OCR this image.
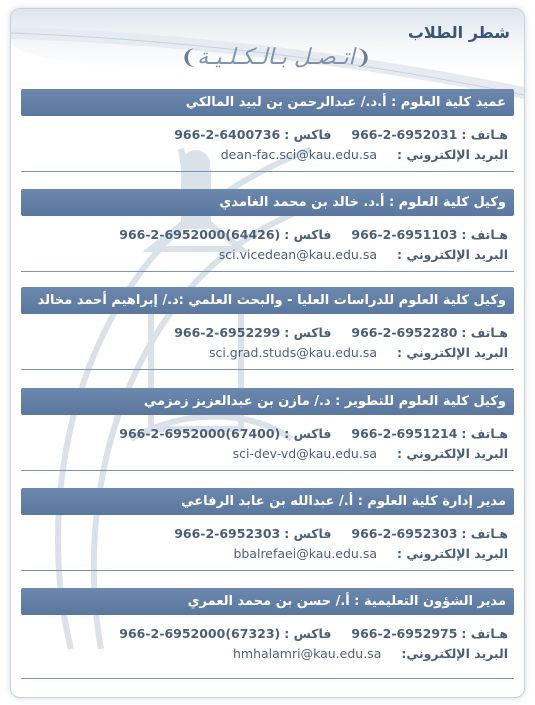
شطر الطلاب
❨اتـصـل بـالـكـلـيـة❩
عميد كلية العلوم : أ.د./ عبدالرحمن بن لبيد المالكي
هـاتف : 966-2-6952031  فاكس : 966-2-6400736
البريد الإلكتروني :  dean-fac.sci@kau.edu.sa
وكيل كلية العلوم : أ.د. خالد بن محمد الغامدي
هـاتف : 966-2-6951103  فاكس : 966-2-6952000(64426)
البريد الإلكتروني :  sci.vicedean@kau.edu.sa
وكيل كلية العلوم للدراسات العليا - والبحث العلمي :د./ إبراهيم أحمد مخالد
هـاتف : 966-2-6952280  فاكس : 966-2-6952299
البريد الإلكتروني :  sci.grad.studs@kau.edu.sa
وكيل كلية العلوم للتطوير : د./ مازن بن عبدالعزيز زمزمي
هـاتف : 966-2-6951214  فاكس : 966-2-6952000(67400)
البريد الإلكتروني :  sci-dev-vd@kau.edu.sa
مدير إدارة كلية العلوم : أ./ عبدالله بن عابد الرفاعي
هـاتف : 966-2-6952303  فاكس : 966-2-6952303
البريد الإلكتروني :  bbalrefaei@kau.edu.sa
مدير الشؤون التعليمية : أ./ حسن بن محمد العمري
هـاتف : 966-2-6952975  فاكس : 966-2-6952000(67323)
البريد الإلكتروني:  hmhalamri@kau.edu.sa
